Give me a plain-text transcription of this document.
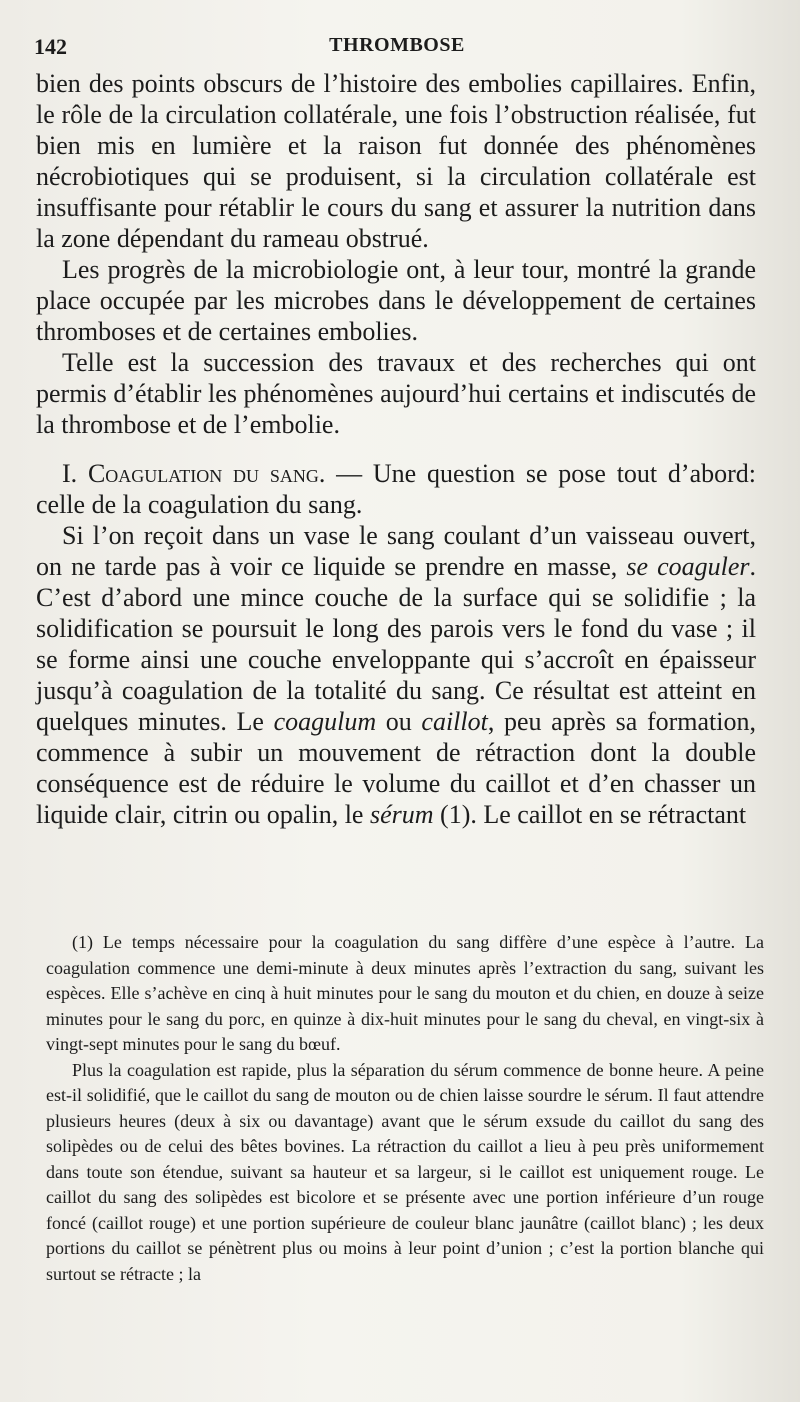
142	THROMBOSE

bien des points obscurs de l’histoire des embolies capillaires. Enfin, le rôle de la circulation collatérale, une fois l’obstruction réalisée, fut bien mis en lumière et la raison fut donnée des phénomènes nécrobiotiques qui se produisent, si la circulation collatérale est insuffisante pour rétablir le cours du sang et assurer la nutrition dans la zone dépendant du rameau obstrué.

Les progrès de la microbiologie ont, à leur tour, montré la grande place occupée par les microbes dans le développement de certaines thromboses et de certaines embolies.

Telle est la succession des travaux et des recherches qui ont permis d’établir les phénomènes aujourd’hui certains et indiscutés de la thrombose et de l’embolie.

I. Coagulation du sang. — Une question se pose tout d’abord: celle de la coagulation du sang.

Si l’on reçoit dans un vase le sang coulant d’un vaisseau ouvert, on ne tarde pas à voir ce liquide se prendre en masse, se coaguler. C’est d’abord une mince couche de la surface qui se solidifie ; la solidification se poursuit le long des parois vers le fond du vase ; il se forme ainsi une couche enveloppante qui s’accroît en épaisseur jusqu’à coagulation de la totalité du sang. Ce résultat est atteint en quelques minutes. Le coagulum ou caillot, peu après sa formation, commence à subir un mouvement de rétraction dont la double conséquence est de réduire le volume du caillot et d’en chasser un liquide clair, citrin ou opalin, le sérum (1). Le caillot en se rétractant

(1) Le temps nécessaire pour la coagulation du sang diffère d’une espèce à l’autre. La coagulation commence une demi-minute à deux minutes après l’extraction du sang, suivant les espèces. Elle s’achève en cinq à huit minutes pour le sang du mouton et du chien, en douze à seize minutes pour le sang du porc, en quinze à dix-huit minutes pour le sang du cheval, en vingt-six à vingt-sept minutes pour le sang du bœuf.

Plus la coagulation est rapide, plus la séparation du sérum commence de bonne heure. A peine est-il solidifié, que le caillot du sang de mouton ou de chien laisse sourdre le sérum. Il faut attendre plusieurs heures (deux à six ou davantage) avant que le sérum exsude du caillot du sang des solipèdes ou de celui des bêtes bovines. La rétraction du caillot a lieu à peu près uniformement dans toute son étendue, suivant sa hauteur et sa largeur, si le caillot est uniquement rouge. Le caillot du sang des solipèdes est bicolore et se présente avec une portion inférieure d’un rouge foncé (caillot rouge) et une portion supérieure de couleur blanc jaunâtre (caillot blanc) ; les deux portions du caillot se pénètrent plus ou moins à leur point d’union ; c’est la portion blanche qui surtout se rétracte ; la
